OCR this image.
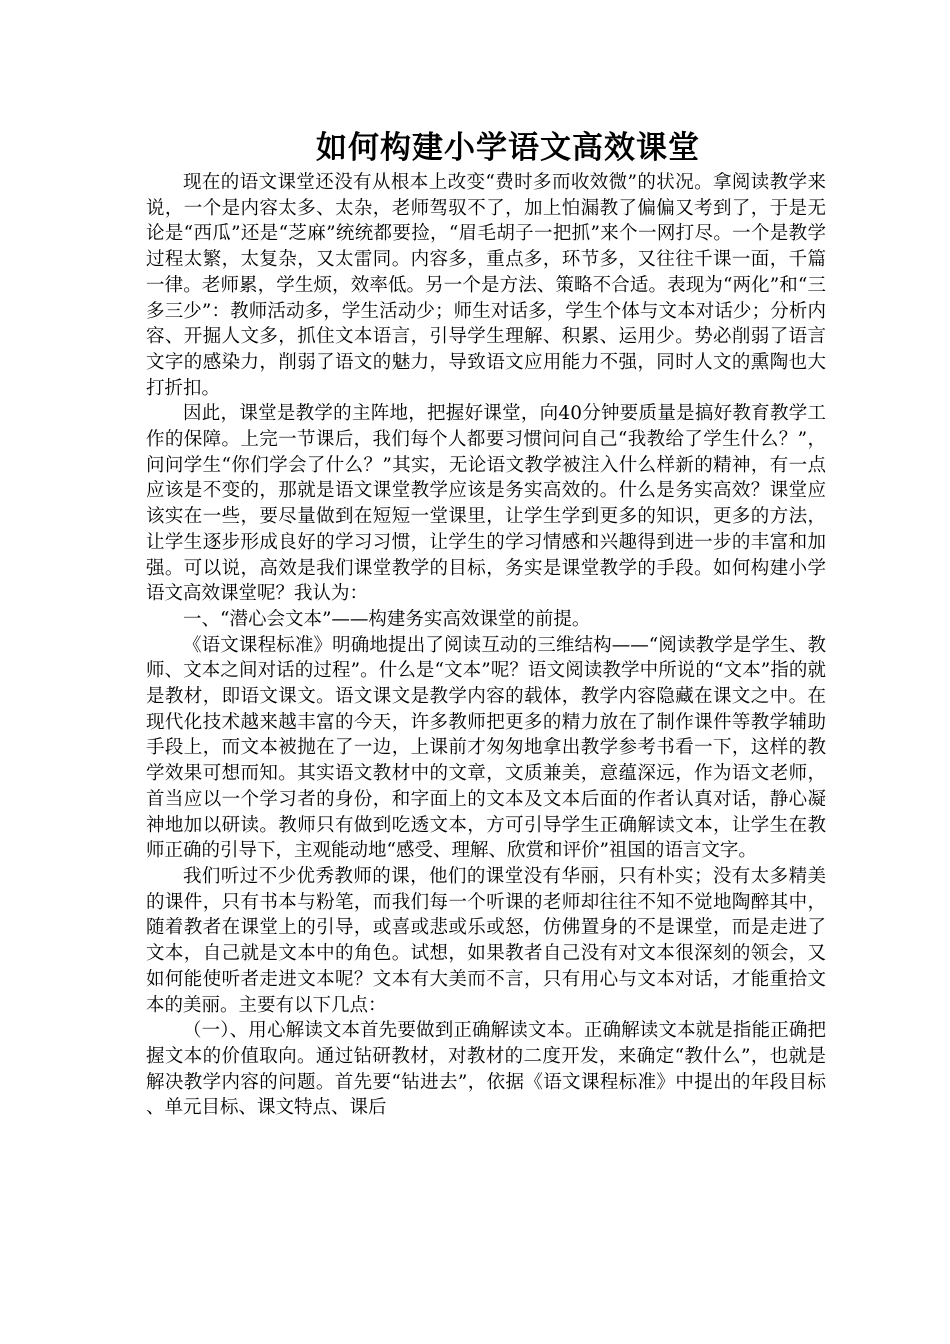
如何构建小学语文高效课堂

现在的语文课堂还没有从根本上改变“费时多而收效微”的状况。拿阅读教学来说，一个是内容太多、太杂，老师驾驭不了，加上怕漏教了偏偏又考到了，于是无论是“西瓜”还是“芝麻”统统都要捡，“眉毛胡子一把抓”来个一网打尽。一个是教学过程太繁，太复杂，又太雷同。内容多，重点多，环节多，又往往千课一面，千篇一律。老师累，学生烦，效率低。另一个是方法、策略不合适。表现为“两化”和“三多三少”：教师活动多，学生活动少；师生对话多，学生个体与文本对话少；分析内容、开掘人文多，抓住文本语言，引导学生理解、积累、运用少。势必削弱了语言文字的感染力，削弱了语文的魅力，导致语文应用能力不强，同时人文的熏陶也大打折扣。

因此，课堂是教学的主阵地，把握好课堂，向40分钟要质量是搞好教育教学工作的保障。上完一节课后，我们每个人都要习惯问问自己“我教给了学生什么？”，问问学生“你们学会了什么？”其实，无论语文教学被注入什么样新的精神，有一点应该是不变的，那就是语文课堂教学应该是务实高效的。什么是务实高效？课堂应该实在一些，要尽量做到在短短一堂课里，让学生学到更多的知识，更多的方法，让学生逐步形成良好的学习习惯，让学生的学习情感和兴趣得到进一步的丰富和加强。可以说，高效是我们课堂教学的目标，务实是课堂教学的手段。如何构建小学语文高效课堂呢？我认为：

一、“潜心会文本”——构建务实高效课堂的前提。

《语文课程标准》明确地提出了阅读互动的三维结构——“阅读教学是学生、教师、文本之间对话的过程”。什么是“文本”呢？语文阅读教学中所说的“文本”指的就是教材，即语文课文。语文课文是教学内容的载体，教学内容隐藏在课文之中。在现代化技术越来越丰富的今天，许多教师把更多的精力放在了制作课件等教学辅助手段上，而文本被抛在了一边，上课前才匆匆地拿出教学参考书看一下，这样的教学效果可想而知。其实语文教材中的文章，文质兼美，意蕴深远，作为语文老师，首当应以一个学习者的身份，和字面上的文本及文本后面的作者认真对话，静心凝神地加以研读。教师只有做到吃透文本，方可引导学生正确解读文本，让学生在教师正确的引导下，主观能动地“感受、理解、欣赏和评价”祖国的语言文字。

我们听过不少优秀教师的课，他们的课堂没有华丽，只有朴实；没有太多精美的课件，只有书本与粉笔，而我们每一个听课的老师却往往不知不觉地陶醉其中，随着教者在课堂上的引导，或喜或悲或乐或怒，仿佛置身的不是课堂，而是走进了文本，自己就是文本中的角色。试想，如果教者自己没有对文本很深刻的领会，又如何能使听者走进文本呢？文本有大美而不言，只有用心与文本对话，才能重拾文本的美丽。主要有以下几点：

（一）、用心解读文本首先要做到正确解读文本。正确解读文本就是指能正确把握文本的价值取向。通过钻研教材，对教材的二度开发，来确定“教什么”，也就是解决教学内容的问题。首先要“钻进去”，依据《语文课程标准》中提出的年段目标、单元目标、课文特点、课后
